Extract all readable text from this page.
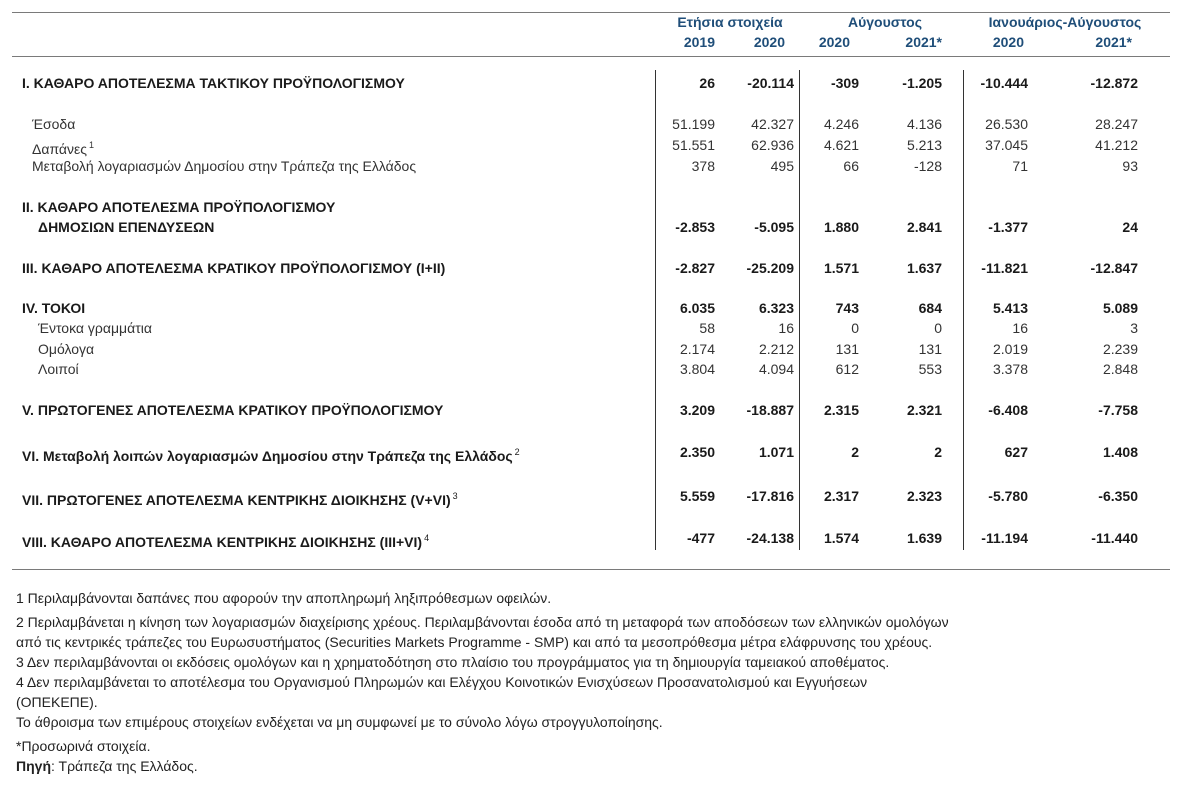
Ετήσια στοιχεία	Αύγουστος	Ιανουάριος-Αύγουστος
2019	2020	2020	2021*	2020	2021*
I. ΚΑΘΑΡΟ ΑΠΟΤΕΛΕΣΜΑ ΤΑΚΤΙΚΟΥ ΠΡΟΫΠΟΛΟΓΙΣΜΟΥ	26	-20.114	-309	-1.205	-10.444	-12.872
Έσοδα	51.199	42.327	4.246	4.136	26.530	28.247
Δαπάνες $^1$	51.551	62.936	4.621	5.213	37.045	41.212
Μεταβολή λογαριασμών Δημοσίου στην Τράπεζα της Ελλάδος	378	495	66	-128	71	93
II. ΚΑΘΑΡΟ ΑΠΟΤΕΛΕΣΜΑ ΠΡΟΫΠΟΛΟΓΙΣΜΟΥ
ΔΗΜΟΣΙΩΝ ΕΠΕΝΔΥΣΕΩΝ	-2.853	-5.095	1.880	2.841	-1.377	24
III. ΚΑΘΑΡΟ ΑΠΟΤΕΛΕΣΜΑ ΚΡΑΤΙΚΟΥ ΠΡΟΫΠΟΛΟΓΙΣΜΟΥ (I+II)	-2.827	-25.209	1.571	1.637	-11.821	-12.847
IV. ΤΟΚΟΙ	6.035	6.323	743	684	5.413	5.089
Έντοκα γραμμάτια	58	16	0	0	16	3
Ομόλογα	2.174	2.212	131	131	2.019	2.239
Λοιποί	3.804	4.094	612	553	3.378	2.848
V. ΠΡΩΤΟΓΕΝΕΣ ΑΠΟΤΕΛΕΣΜΑ ΚΡΑΤΙΚΟΥ ΠΡΟΫΠΟΛΟΓΙΣΜΟΥ	3.209	-18.887	2.315	2.321	-6.408	-7.758
VI. Μεταβολή λοιπών λογαριασμών Δημοσίου στην Τράπεζα της Ελλάδος $^2$	2.350	1.071	2	2	627	1.408
VII. ΠΡΩΤΟΓΕΝΕΣ ΑΠΟΤΕΛΕΣΜΑ ΚΕΝΤΡΙΚΗΣ ΔΙΟΙΚΗΣΗΣ (V+VI) $^3$	5.559	-17.816	2.317	2.323	-5.780	-6.350
VIII. ΚΑΘΑΡΟ ΑΠΟΤΕΛΕΣΜΑ ΚΕΝΤΡΙΚΗΣ ΔΙΟΙΚΗΣΗΣ (III+VI) $^4$	-477	-24.138	1.574	1.639	-11.194	-11.440

1 Περιλαμβάνονται δαπάνες που αφορούν την αποπληρωμή ληξιπρόθεσμων οφειλών.

2 Περιλαμβάνεται η κίνηση των λογαριασμών διαχείρισης χρέους. Περιλαμβάνονται έσοδα από τη μεταφορά των αποδόσεων των ελληνικών ομολόγων

από τις κεντρικές τράπεζες του Ευρωσυστήματος (Securities Markets Programme - SMP) και από τα μεσοπρόθεσμα μέτρα ελάφρυνσης του χρέους.

3 Δεν περιλαμβάνονται οι εκδόσεις ομολόγων και η χρηματοδότηση στο πλαίσιο του προγράμματος για τη δημιουργία ταμειακού αποθέματος.

4 Δεν περιλαμβάνεται το αποτέλεσμα του Οργανισμού Πληρωμών και Ελέγχου Κοινοτικών Ενισχύσεων Προσανατολισμού και Εγγυήσεων

(ΟΠΕΚΕΠΕ).

Το άθροισμα των επιμέρους στοιχείων ενδέχεται να μη συμφωνεί με το σύνολο λόγω στρογγυλοποίησης.

*Προσωρινά στοιχεία.

Πηγή: Τράπεζα της Ελλάδος.
